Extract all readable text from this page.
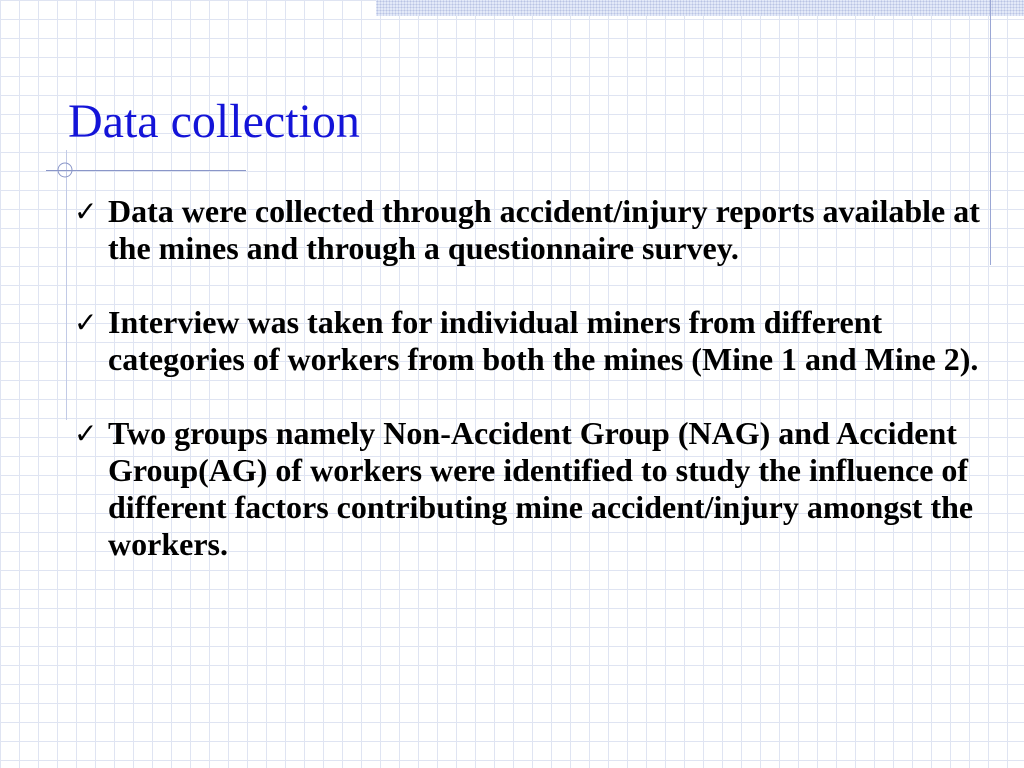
Data collection
✓ Data were collected through accident/injury reports available at the mines and through a questionnaire survey.
✓ Interview was taken for individual miners from different categories of workers from both the mines (Mine 1 and Mine 2).
✓ Two groups namely Non-Accident Group (NAG) and Accident Group(AG) of workers were identified to study the influence of different factors contributing mine accident/injury amongst the workers.
